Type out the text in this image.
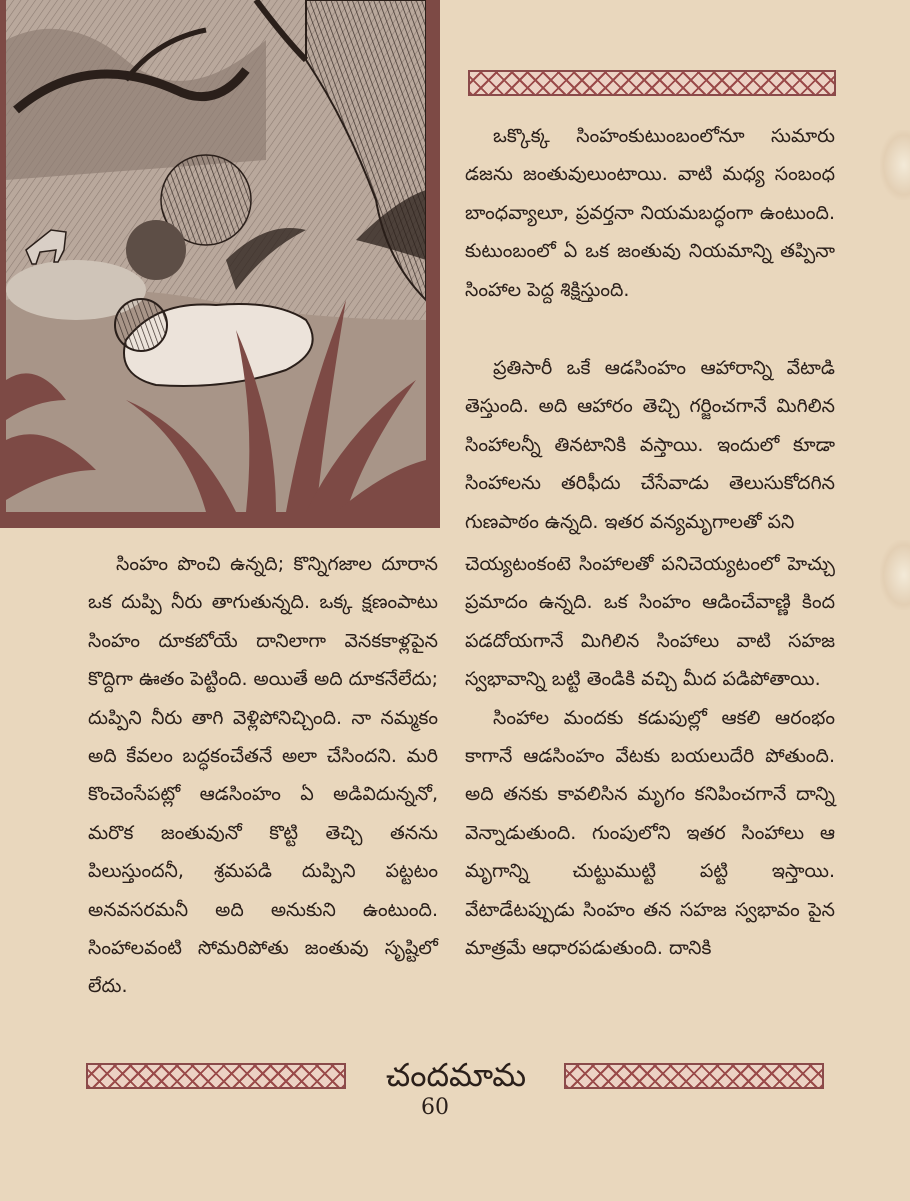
ఒక్కొక్క సింహంకుటుంబంలోనూ సుమారు డజను జంతువులుంటాయి. వాటి మధ్య సంబంధ బాంధవ్యాలూ, ప్రవర్తనా నియమబద్ధంగా ఉంటుంది. కుటుంబంలో ఏ ఒక జంతువు నియమాన్ని తప్పినా సింహాల పెద్ద శిక్షిస్తుంది.

ప్రతిసారీ ఒకే ఆడసింహం ఆహారాన్ని వేటాడి తెస్తుంది. అది ఆహారం తెచ్చి గర్జించగానే మిగిలిన సింహాలన్నీ తినటానికి వస్తాయి. ఇందులో కూడా సింహాలను తరిఫీదు చేసేవాడు తెలుసుకోదగిన గుణపాఠం ఉన్నది. ఇతర వన్యమృగాలతో పని

సింహం పొంచి ఉన్నది; కొన్నిగజాల దూరాన ఒక దుప్పి నీరు తాగుతున్నది. ఒక్క క్షణంపాటు సింహం దూకబోయే దానిలాగా వెనకకాళ్లపైన కొద్దిగా ఊతం పెట్టింది. అయితే అది దూకనేలేదు; దుప్పిని నీరు తాగి వెళ్లిపోనిచ్చింది. నా నమ్మకం అది కేవలం బద్ధకంచేతనే అలా చేసిందని. మరి కొంచెంసేపట్లో ఆడసింహం ఏ అడివిదున్ననో, మరొక జంతువునో కొట్టి తెచ్చి తనను పిలుస్తుందనీ, శ్రమపడి దుప్పిని పట్టటం అనవసరమనీ అది అనుకుని ఉంటుంది. సింహాలవంటి సోమరిపోతు జంతువు సృష్టిలో లేదు.

చెయ్యటంకంటె సింహాలతో పనిచెయ్యటంలో హెచ్చు ప్రమాదం ఉన్నది. ఒక సింహం ఆడించేవాణ్ణి కింద పడదోయగానే మిగిలిన సింహాలు వాటి సహజ స్వభావాన్ని బట్టి తెండికి వచ్చి మీద పడిపోతాయి.

సింహాల మందకు కడుపుల్లో ఆకలి ఆరంభం కాగానే ఆడసింహం వేటకు బయలుదేరి పోతుంది. అది తనకు కావలిసిన మృగం కనిపించగానే దాన్ని వెన్నాడుతుంది. గుంపులోని ఇతర సింహాలు ఆ మృగాన్ని చుట్టుముట్టి పట్టి ఇస్తాయి. వేటాడేటప్పుడు సింహం తన సహజ స్వభావం పైన మాత్రమే ఆధారపడుతుంది. దానికి

చందమామ
60
